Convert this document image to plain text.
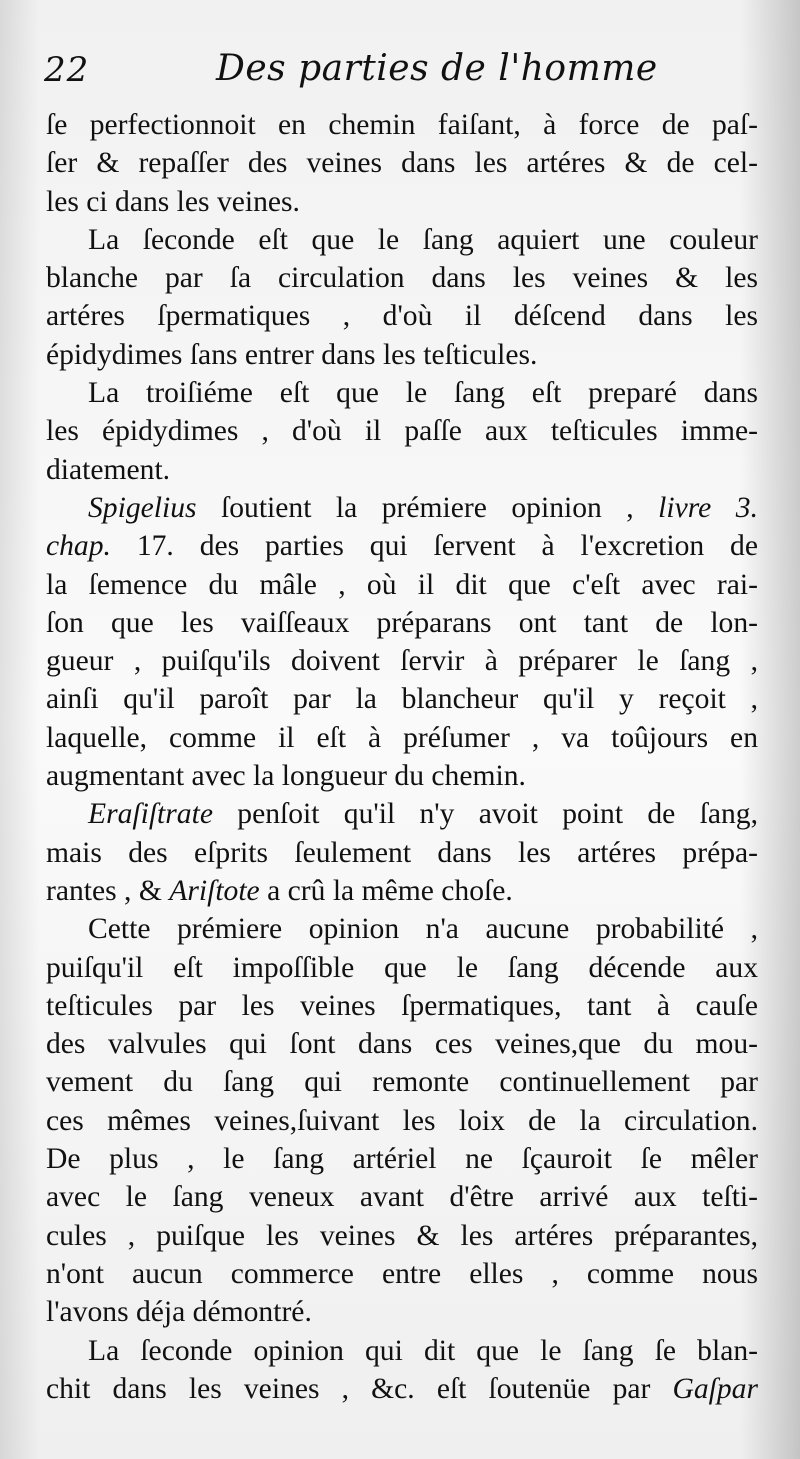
22	Des parties de l'homme
ſe perfectionnoit en chemin faiſant, à force de paſ-
ſer & repaſſer des veines dans les artéres & de cel-
les ci dans les veines.
La ſeconde eſt que le ſang aquiert une couleur
blanche par ſa circulation dans les veines & les
artéres ſpermatiques , d'où il déſcend dans les
épidydimes ſans entrer dans les teſticules.
La troiſiéme eſt que le ſang eſt preparé dans
les épidydimes , d'où il paſſe aux teſticules imme-
diatement.
Spigelius ſoutient la prémiere opinion , livre 3.
chap. 17. des parties qui ſervent à l'excretion de
la ſemence du mâle , où il dit que c'eſt avec rai-
ſon que les vaiſſeaux préparans ont tant de lon-
gueur , puiſqu'ils doivent ſervir à préparer le ſang ,
ainſi qu'il paroît par la blancheur qu'il y reçoit ,
laquelle, comme il eſt à préſumer , va toûjours en
augmentant avec la longueur du chemin.
Eraſiſtrate penſoit qu'il n'y avoit point de ſang,
mais des eſprits ſeulement dans les artéres prépa-
rantes , & Ariſtote a crû la même choſe.
Cette prémiere opinion n'a aucune probabilité ,
puiſqu'il eſt impoſſible que le ſang décende aux
teſticules par les veines ſpermatiques, tant à cauſe
des valvules qui ſont dans ces veines,que du mou-
vement du ſang qui remonte continuellement par
ces mêmes veines,ſuivant les loix de la circulation.
De plus , le ſang artériel ne ſçauroit ſe mêler
avec le ſang veneux avant d'être arrivé aux teſti-
cules , puiſque les veines & les artéres préparantes,
n'ont aucun commerce entre elles , comme nous
l'avons déja démontré.
La ſeconde opinion qui dit que le ſang ſe blan-
chit dans les veines , &c. eſt ſoutenüe par Gaſpar
